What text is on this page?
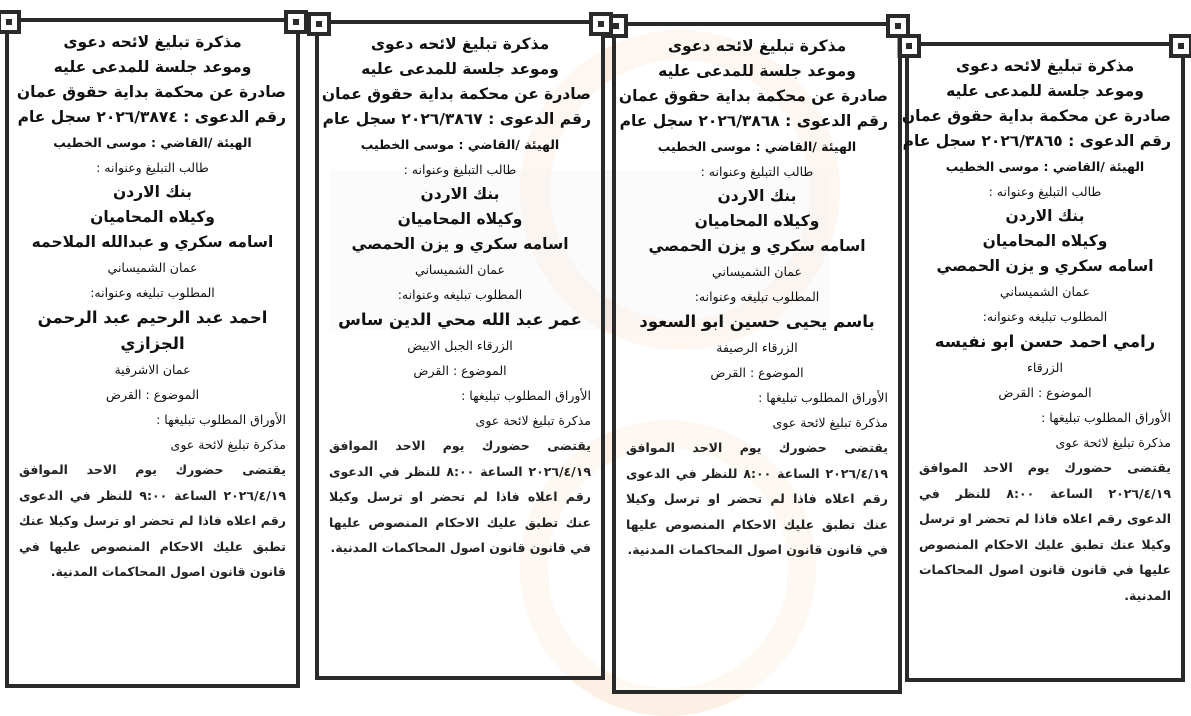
مذكرة تبليغ لائحه دعوى
وموعد جلسة للمدعى عليه
صادرة عن محكمة بداية حقوق عمان
رقم الدعوى : ٢٠٢٦/٣٨٦٥ سجل عام
الهيئة /القاضي : موسى الخطيب
طالب التبليغ وعنوانه :
بنك الاردن
وكيلاه المحاميان
اسامه سكري و يزن الحمصي
عمان الشميساني
المطلوب تبليغه وعنوانه:
رامي احمد حسن ابو نفيسه
الزرقاء
الموضوع : القرض
الأوراق المطلوب تبليغها :
مذكرة تبليغ لائحة عوى
يقتضى حضورك يوم الاحد الموافق ٢٠٢٦/٤/١٩ الساعة ٨:٠٠ للنظر في الدعوى رقم اعلاه فاذا لم تحضر او ترسل وكيلا عنك تطبق عليك الاحكام المنصوص عليها في قانون قانون اصول المحاكمات المدنية.
مذكرة تبليغ لائحه دعوى
وموعد جلسة للمدعى عليه
صادرة عن محكمة بداية حقوق عمان
رقم الدعوى : ٢٠٢٦/٣٨٦٨ سجل عام
الهيئة /القاضي : موسى الخطيب
طالب التبليغ وعنوانه :
بنك الاردن
وكيلاه المحاميان
اسامه سكري و يزن الحمصي
عمان الشميساني
المطلوب تبليغه وعنوانه:
باسم يحيى حسين ابو السعود
الزرقاء الرصيفة
الموضوع : القرض
الأوراق المطلوب تبليغها :
مذكرة تبليغ لائحة عوى
يقتضى حضورك يوم الاحد الموافق ٢٠٢٦/٤/١٩ الساعة ٨:٠٠ للنظر في الدعوى رقم اعلاه فاذا لم تحضر او ترسل وكيلا عنك تطبق عليك الاحكام المنصوص عليها في قانون قانون اصول المحاكمات المدنية.
مذكرة تبليغ لائحه دعوى
وموعد جلسة للمدعى عليه
صادرة عن محكمة بداية حقوق عمان
رقم الدعوى : ٢٠٢٦/٣٨٦٧ سجل عام
الهيئة /القاضي : موسى الخطيب
طالب التبليغ وعنوانه :
بنك الاردن
وكيلاه المحاميان
اسامه سكري و يزن الحمصي
عمان الشميساني
المطلوب تبليغه وعنوانه:
عمر عبد الله محي الدين ساس
الزرقاء الجبل الابيض
الموضوع : القرض
الأوراق المطلوب تبليغها :
مذكرة تبليغ لائحة عوى
يقتضى حضورك يوم الاحد الموافق ٢٠٢٦/٤/١٩ الساعة ٨:٠٠ للنظر في الدعوى رقم اعلاه فاذا لم تحضر او ترسل وكيلا عنك تطبق عليك الاحكام المنصوص عليها في قانون قانون اصول المحاكمات المدنية.
مذكرة تبليغ لائحه دعوى
وموعد جلسة للمدعى عليه
صادرة عن محكمة بداية حقوق عمان
رقم الدعوى : ٢٠٢٦/٣٨٧٤ سجل عام
الهيئة /القاضي : موسى الخطيب
طالب التبليغ وعنوانه :
بنك الاردن
وكيلاه المحاميان
اسامه سكري و عبدالله الملاحمه
عمان الشميساني
المطلوب تبليغه وعنوانه:
احمد عبد الرحيم عبد الرحمن الجزازي
عمان الاشرفية
الموضوع : القرض
الأوراق المطلوب تبليغها :
مذكرة تبليغ لائحة عوى
يقتضى حضورك يوم الاحد الموافق ٢٠٢٦/٤/١٩ الساعة ٩:٠٠ للنظر في الدعوى رقم اعلاه فاذا لم تحضر او ترسل وكيلا عنك تطبق عليك الاحكام المنصوص عليها في قانون قانون اصول المحاكمات المدنية.
